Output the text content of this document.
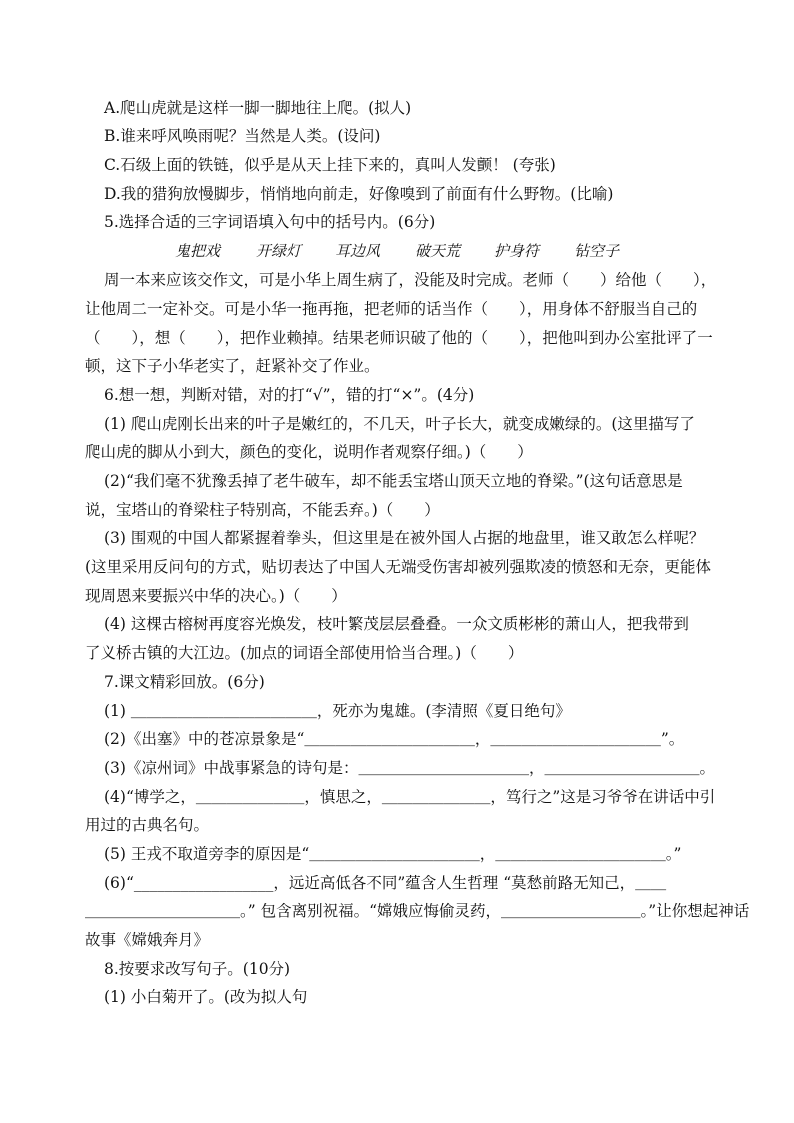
A.爬山虎就是这样一脚一脚地往上爬。(拟人)
B.谁来呼风唤雨呢？当然是人类。(设问)
C.石级上面的铁链，似乎是从天上挂下来的，真叫人发颤！ (夸张)
D.我的猎狗放慢脚步，悄悄地向前走，好像嗅到了前面有什么野物。(比喻)
5.选择合适的三字词语填入句中的括号内。(6分)
鬼把戏 开绿灯 耳边风 破天荒 护身符 钻空子
周一本来应该交作文，可是小华上周生病了，没能及时完成。老师（　　）给他（　　），
让他周二一定补交。可是小华一拖再拖，把老师的话当作（　　），用身体不舒服当自己的
（　　），想（　　），把作业赖掉。结果老师识破了他的（　　），把他叫到办公室批评了一
顿，这下子小华老实了，赶紧补交了作业。
6.想一想，判断对错，对的打“√”，错的打“×”。(4分)
(1) 爬山虎刚长出来的叶子是嫩红的，不几天，叶子长大，就变成嫩绿的。(这里描写了
爬山虎的脚从小到大，颜色的变化，说明作者观察仔细。)（　　）
(2)“我们毫不犹豫丢掉了老牛破车，却不能丢宝塔山顶天立地的脊梁。”(这句话意思是
说，宝塔山的脊梁柱子特别高，不能丢弃。)（　　）
(3) 围观的中国人都紧握着拳头，但这里是在被外国人占据的地盘里，谁又敢怎么样呢？
(这里采用反问句的方式，贴切表达了中国人无端受伤害却被列强欺凌的愤怒和无奈，更能体
现周恩来要振兴中华的决心。)（　　）
(4) 这棵古榕树再度容光焕发，枝叶繁茂层层叠叠。一众文质彬彬的萧山人，把我带到
了义桥古镇的大江边。(加点的词语全部使用恰当合理。)（　　）
7.课文精彩回放。(6分)
(1) ＿＿＿＿＿＿＿＿＿＿＿＿，死亦为鬼雄。(李清照《夏日绝句》
(2)《出塞》中的苍凉景象是“＿＿＿＿＿＿＿＿＿＿＿，＿＿＿＿＿＿＿＿＿＿＿”。
(3)《凉州词》中战事紧急的诗句是：＿＿＿＿＿＿＿＿＿＿＿，＿＿＿＿＿＿＿＿＿＿。
(4)“博学之，＿＿＿＿＿＿＿，慎思之，＿＿＿＿＿＿＿，笃行之”这是习爷爷在讲话中引
用过的古典名句。
(5) 王戎不取道旁李的原因是“＿＿＿＿＿＿＿＿＿＿＿，＿＿＿＿＿＿＿＿＿＿＿。”
(6)“__________________，远近高低各不同”蕴含人生哲理 “莫愁前路无知己，＿＿
＿＿＿＿＿＿＿＿＿＿。” 包含离别祝福。“嫦娥应悔偷灵药，＿＿＿＿＿＿＿＿＿。”让你想起神话
故事《嫦娥奔月》
8.按要求改写句子。(10分)
(1) 小白菊开了。(改为拟人句
